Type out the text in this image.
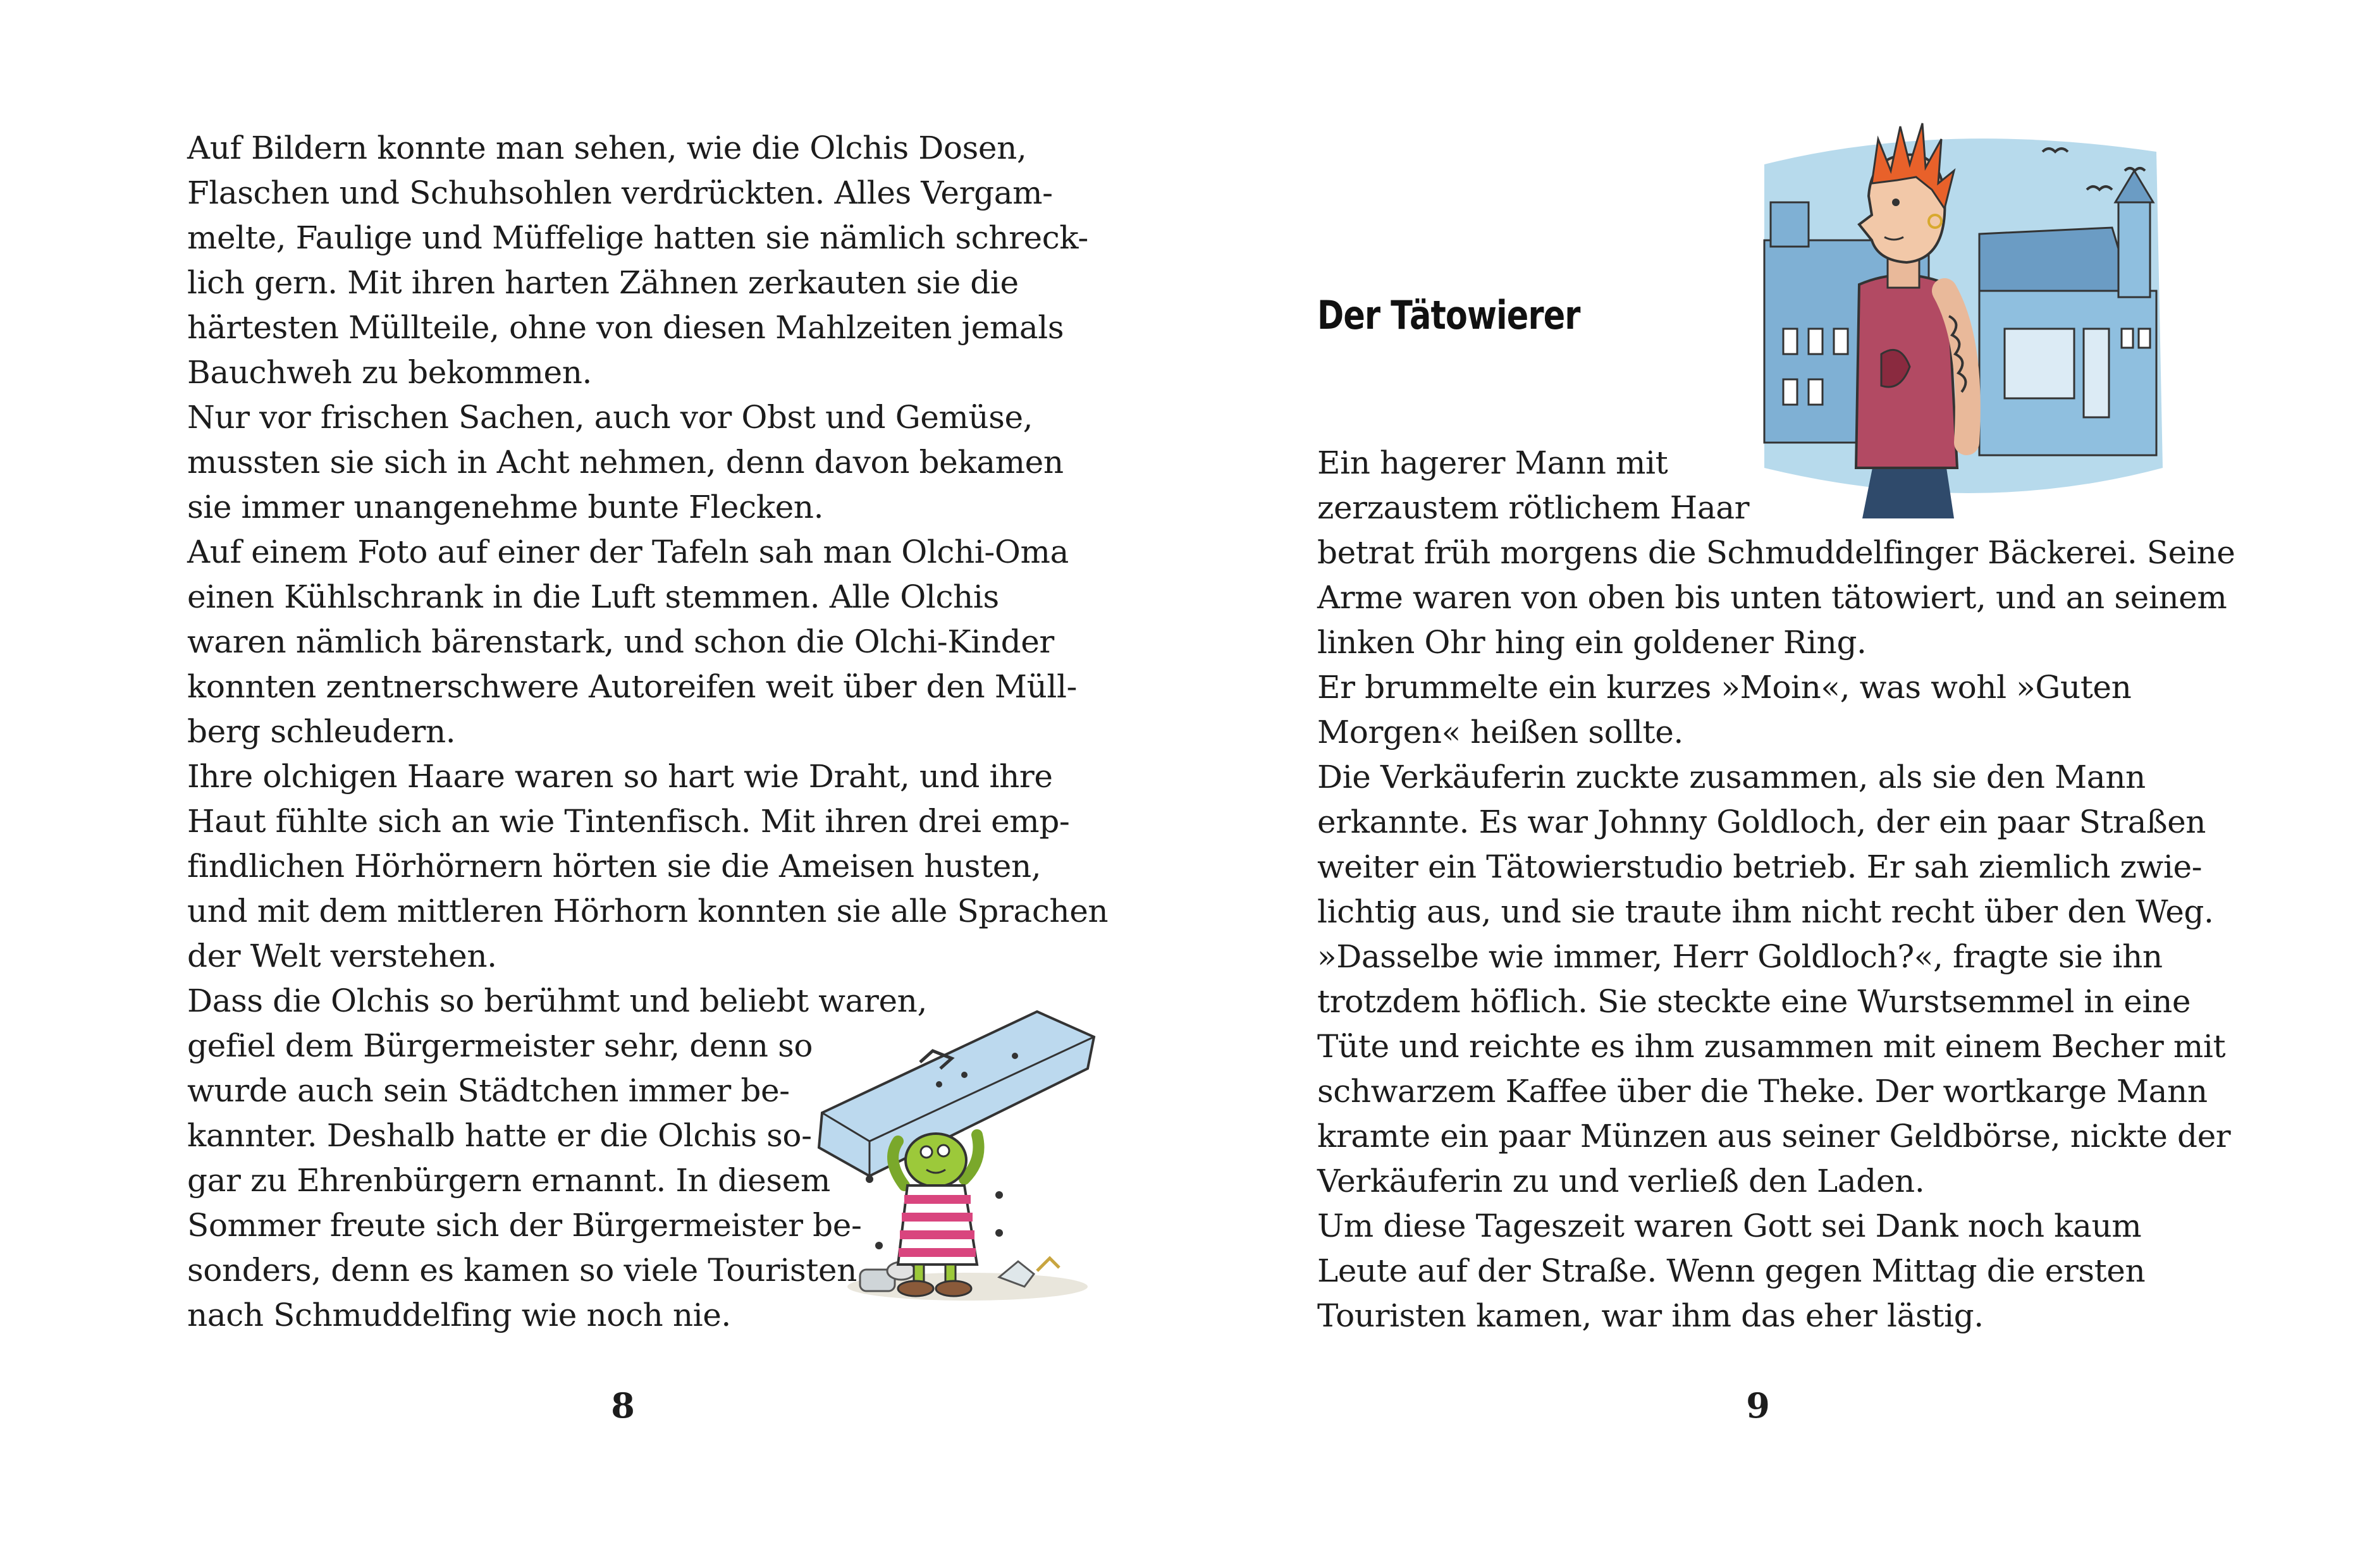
Auf Bildern konnte man sehen, wie die Olchis Dosen,
Flaschen und Schuhsohlen verdrückten. Alles Vergam-
melte, Faulige und Müffelige hatten sie nämlich schreck-
lich gern. Mit ihren harten Zähnen zerkauten sie die
härtesten Müllteile, ohne von diesen Mahlzeiten jemals
Bauchweh zu bekommen.
Nur vor frischen Sachen, auch vor Obst und Gemüse,
mussten sie sich in Acht nehmen, denn davon bekamen
sie immer unangenehme bunte Flecken.
Auf einem Foto auf einer der Tafeln sah man Olchi-Oma
einen Kühlschrank in die Luft stemmen. Alle Olchis
waren nämlich bärenstark, und schon die Olchi-Kinder
konnten zentnerschwere Autoreifen weit über den Müll-
berg schleudern.
Ihre olchigen Haare waren so hart wie Draht, und ihre
Haut fühlte sich an wie Tintenfisch. Mit ihren drei emp-
findlichen Hörhörnern hörten sie die Ameisen husten,
und mit dem mittleren Hörhorn konnten sie alle Sprachen
der Welt verstehen.
Dass die Olchis so berühmt und beliebt waren,
gefiel dem Bürgermeister sehr, denn so
wurde auch sein Städtchen immer be-
kannter. Deshalb hatte er die Olchis so-
gar zu Ehrenbürgern ernannt. In diesem
Sommer freute sich der Bürgermeister be-
sonders, denn es kamen so viele Touristen
nach Schmuddelfing wie noch nie.
8
Der Tätowierer
Ein hagerer Mann mit
zerzaustem rötlichem Haar
betrat früh morgens die Schmuddelfinger Bäckerei. Seine
Arme waren von oben bis unten tätowiert, und an seinem
linken Ohr hing ein goldener Ring.
Er brummelte ein kurzes »Moin«, was wohl »Guten
Morgen« heißen sollte.
Die Verkäuferin zuckte zusammen, als sie den Mann
erkannte. Es war Johnny Goldloch, der ein paar Straßen
weiter ein Tätowierstudio betrieb. Er sah ziemlich zwie-
lichtig aus, und sie traute ihm nicht recht über den Weg.
»Dasselbe wie immer, Herr Goldloch?«, fragte sie ihn
trotzdem höflich. Sie steckte eine Wurstsemmel in eine
Tüte und reichte es ihm zusammen mit einem Becher mit
schwarzem Kaffee über die Theke. Der wortkarge Mann
kramte ein paar Münzen aus seiner Geldbörse, nickte der
Verkäuferin zu und verließ den Laden.
Um diese Tageszeit waren Gott sei Dank noch kaum
Leute auf der Straße. Wenn gegen Mittag die ersten
Touristen kamen, war ihm das eher lästig.
9
